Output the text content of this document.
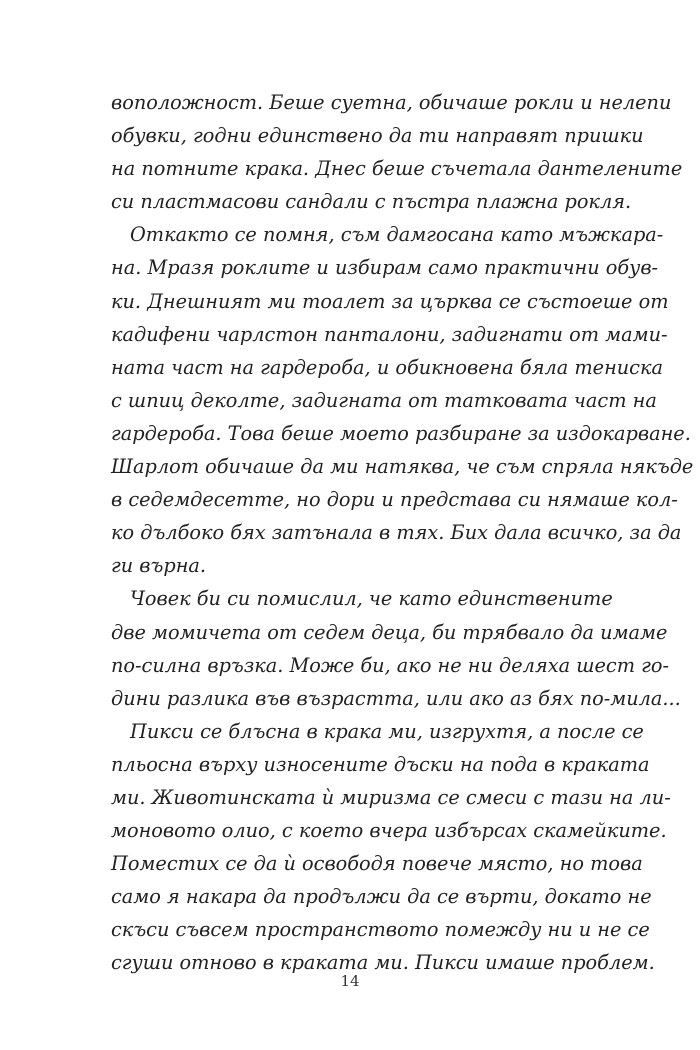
воположност. Беше суетна, обичаше рокли и нелепи
обувки, годни единствено да ти направят пришки
на потните крака. Днес беше съчетала дантелените
си пластмасови сандали с пъстра плажна рокля.

Откакто се помня, съм дамгосана като мъжкара-
на. Мразя роклите и избирам само практични обув-
ки. Днешният ми тоалет за църква се състоеше от
кадифени чарлстон панталони, задигнати от мами-
ната част на гардероба, и обикновена бяла тениска
с шпиц деколте, задигната от татковата част на
гардероба. Това беше моето разбиране за издокарване.
Шарлот обичаше да ми натяква, че съм спряла някъде
в седемдесетте, но дори и представа си нямаше кол-
ко дълбоко бях затънала в тях. Бих дала всичко, за да
ги върна.

Човек би си помислил, че като единствените
две момичета от седем деца, би трябвало да имаме
по-силна връзка. Може би, ако не ни деляха шест го-
дини разлика във възрастта, или ако аз бях по-мила...

Пикси се блъсна в крака ми, изгрухтя, а после се
пльосна върху износените дъски на пода в краката
ми. Животинската ѝ миризма се смеси с тази на ли-
моновото олио, с което вчера избърсах скамейките.
Поместих се да ѝ освободя повече място, но това
само я накара да продължи да се върти, докато не
скъси съвсем пространството помежду ни и не се
сгуши отново в краката ми. Пикси имаше проблем.

14
